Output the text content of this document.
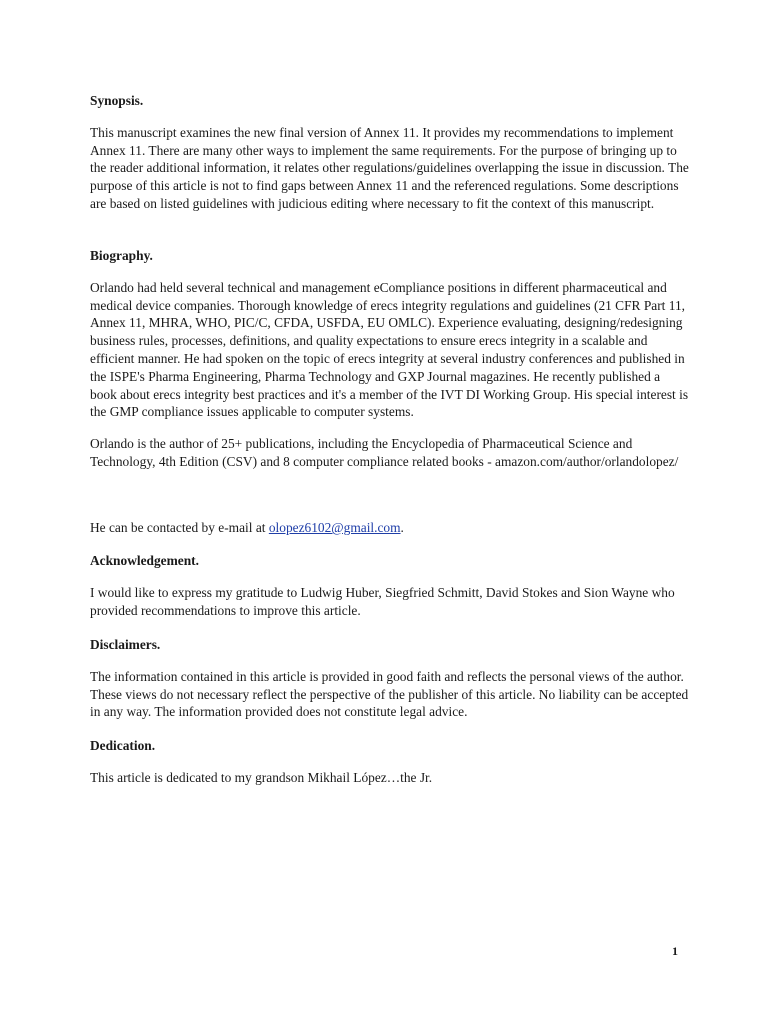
Synopsis.

This manuscript examines the new final version of Annex 11. It provides my recommendations to implement Annex 11. There are many other ways to implement the same requirements. For the purpose of bringing up to the reader additional information, it relates other regulations/guidelines overlapping the issue in discussion. The purpose of this article is not to find gaps between Annex 11 and the referenced regulations. Some descriptions are based on listed guidelines with judicious editing where necessary to fit the context of this manuscript.

Biography.

Orlando had held several technical and management eCompliance positions in different pharmaceutical and medical device companies. Thorough knowledge of erecs integrity regulations and guidelines (21 CFR Part 11, Annex 11, MHRA, WHO, PIC/C, CFDA, USFDA, EU OMLC). Experience evaluating, designing/redesigning business rules, processes, definitions, and quality expectations to ensure erecs integrity in a scalable and efficient manner. He had spoken on the topic of erecs integrity at several industry conferences and published in the ISPE's Pharma Engineering, Pharma Technology and GXP Journal magazines. He recently published a book about erecs integrity best practices and it's a member of the IVT DI Working Group. His special interest is the GMP compliance issues applicable to computer systems.

Orlando is the author of 25+ publications, including the Encyclopedia of Pharmaceutical Science and Technology, 4th Edition (CSV) and 8 computer compliance related books - amazon.com/author/orlandolopez/

He can be contacted by e-mail at olopez6102@gmail.com.

Acknowledgement.

I would like to express my gratitude to Ludwig Huber, Siegfried Schmitt, David Stokes and Sion Wayne who provided recommendations to improve this article.

Disclaimers.

The information contained in this article is provided in good faith and reflects the personal views of the author. These views do not necessary reflect the perspective of the publisher of this article. No liability can be accepted in any way. The information provided does not constitute legal advice.

Dedication.

This article is dedicated to my grandson Mikhail López…the Jr.

1
